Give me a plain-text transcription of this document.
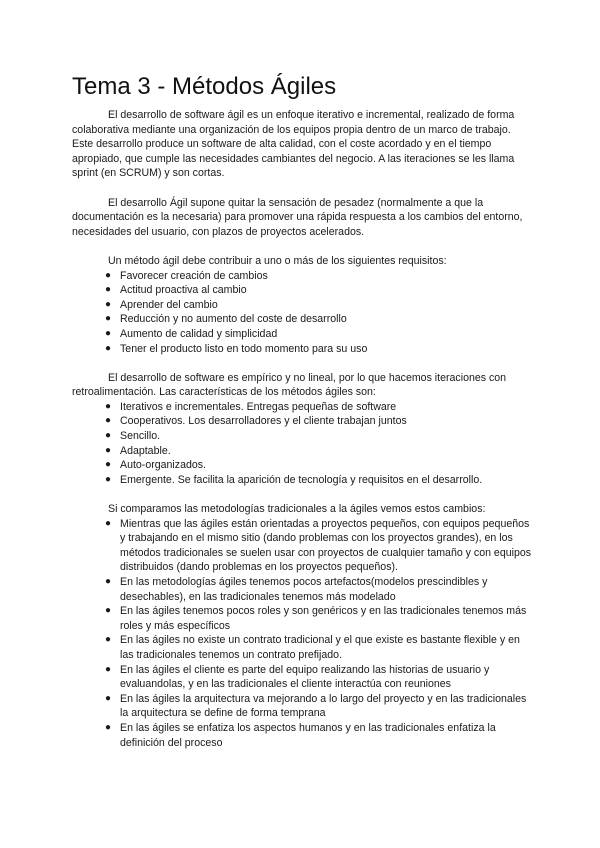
Tema 3 - Métodos Ágiles

El desarrollo de software ágil es un enfoque iterativo e incremental, realizado de forma colaborativa mediante una organización de los equipos propia dentro de un marco de trabajo. Este desarrollo produce un software de alta calidad, con el coste acordado y en el tiempo apropiado, que cumple las necesidades cambiantes del negocio. A las iteraciones se les llama sprint (en SCRUM) y son cortas.

El desarrollo Ágil supone quitar la sensación de pesadez (normalmente a que la documentación es la necesaria) para promover una rápida respuesta a los cambios del entorno, necesidades del usuario, con plazos de proyectos acelerados.

Un método ágil debe contribuir a uno o más de los siguientes requisitos:

● Favorecer creación de cambios
● Actitud proactiva al cambio
● Aprender del cambio
● Reducción y no aumento del coste de desarrollo
● Aumento de calidad y simplicidad
● Tener el producto listo en todo momento para su uso

El desarrollo de software es empírico y no lineal, por lo que hacemos iteraciones con retroalimentación. Las características de los métodos ágiles son:

● Iterativos e incrementales. Entregas pequeñas de software
● Cooperativos. Los desarrolladores y el cliente trabajan juntos
● Sencillo.
● Adaptable.
● Auto-organizados.
● Emergente. Se facilita la aparición de tecnología y requisitos en el desarrollo.

Si comparamos las metodologías tradicionales a la ágiles vemos estos cambios:

● Mientras que las ágiles están orientadas a proyectos pequeños, con equipos pequeños y trabajando en el mismo sitio (dando problemas con los proyectos grandes), en los métodos tradicionales se suelen usar con proyectos de cualquier tamaño y con equipos distribuidos (dando problemas en los proyectos pequeños).
● En las metodologías ágiles tenemos pocos artefactos(modelos prescindibles y desechables), en las tradicionales tenemos más modelado
● En las ágiles tenemos pocos roles y son genéricos y en las tradicionales tenemos más roles y más específicos
● En las ágiles no existe un contrato tradicional y el que existe es bastante flexible y en las tradicionales tenemos un contrato prefijado.
● En las ágiles el cliente es parte del equipo realizando las historias de usuario y evaluandolas, y en las tradicionales el cliente interactúa con reuniones
● En las ágiles la arquitectura va mejorando a lo largo del proyecto y en las tradicionales la arquitectura se define de forma temprana
● En las ágiles se enfatiza los aspectos humanos y en las tradicionales enfatiza la definición del proceso
